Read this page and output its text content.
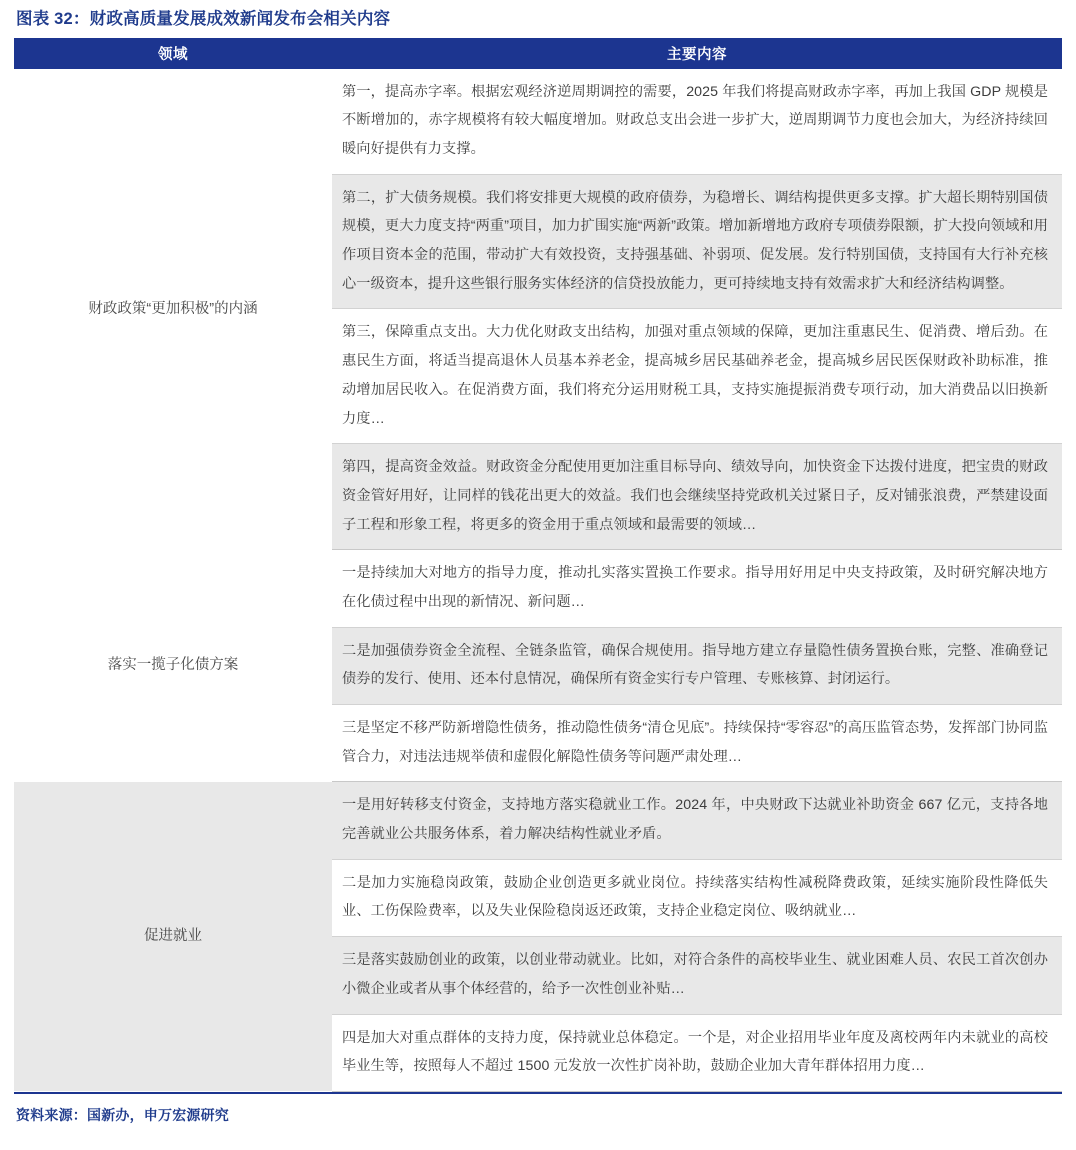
图表 32：财政高质量发展成效新闻发布会相关内容
领域	主要内容
财政政策“更加积极”的内涵	第一，提高赤字率。根据宏观经济逆周期调控的需要，2025 年我们将提高财政赤字率，再加上我国 GDP 规模是不断增加的，赤字规模将有较大幅度增加。财政总支出会进一步扩大，逆周期调节力度也会加大，为经济持续回暖向好提供有力支撑。
	第二，扩大债务规模。我们将安排更大规模的政府债券，为稳增长、调结构提供更多支撑。扩大超长期特别国债规模，更大力度支持“两重”项目，加力扩围实施“两新”政策。增加新增地方政府专项债券限额，扩大投向领域和用作项目资本金的范围，带动扩大有效投资，支持强基础、补弱项、促发展。发行特别国债，支持国有大行补充核心一级资本，提升这些银行服务实体经济的信贷投放能力，更可持续地支持有效需求扩大和经济结构调整。
	第三，保障重点支出。大力优化财政支出结构，加强对重点领域的保障，更加注重惠民生、促消费、增后劲。在惠民生方面，将适当提高退休人员基本养老金，提高城乡居民基础养老金，提高城乡居民医保财政补助标准，推动增加居民收入。在促消费方面，我们将充分运用财税工具，支持实施提振消费专项行动，加大消费品以旧换新力度…
	第四，提高资金效益。财政资金分配使用更加注重目标导向、绩效导向，加快资金下达拨付进度，把宝贵的财政资金管好用好，让同样的钱花出更大的效益。我们也会继续坚持党政机关过紧日子，反对铺张浪费，严禁建设面子工程和形象工程，将更多的资金用于重点领域和最需要的领域…
落实一揽子化债方案	一是持续加大对地方的指导力度，推动扎实落实置换工作要求。指导用好用足中央支持政策，及时研究解决地方在化债过程中出现的新情况、新问题…
	二是加强债券资金全流程、全链条监管，确保合规使用。指导地方建立存量隐性债务置换台账，完整、准确登记债券的发行、使用、还本付息情况，确保所有资金实行专户管理、专账核算、封闭运行。
	三是坚定不移严防新增隐性债务，推动隐性债务“清仓见底”。持续保持“零容忍”的高压监管态势，发挥部门协同监管合力，对违法违规举债和虚假化解隐性债务等问题严肃处理…
促进就业	一是用好转移支付资金，支持地方落实稳就业工作。2024 年，中央财政下达就业补助资金 667 亿元，支持各地完善就业公共服务体系，着力解决结构性就业矛盾。
	二是加力实施稳岗政策，鼓励企业创造更多就业岗位。持续落实结构性减税降费政策，延续实施阶段性降低失业、工伤保险费率，以及失业保险稳岗返还政策，支持企业稳定岗位、吸纳就业…
	三是落实鼓励创业的政策，以创业带动就业。比如，对符合条件的高校毕业生、就业困难人员、农民工首次创办小微企业或者从事个体经营的，给予一次性创业补贴…
	四是加大对重点群体的支持力度，保持就业总体稳定。一个是，对企业招用毕业年度及离校两年内未就业的高校毕业生等，按照每人不超过 1500 元发放一次性扩岗补助，鼓励企业加大青年群体招用力度…
资料来源：国新办，申万宏源研究
